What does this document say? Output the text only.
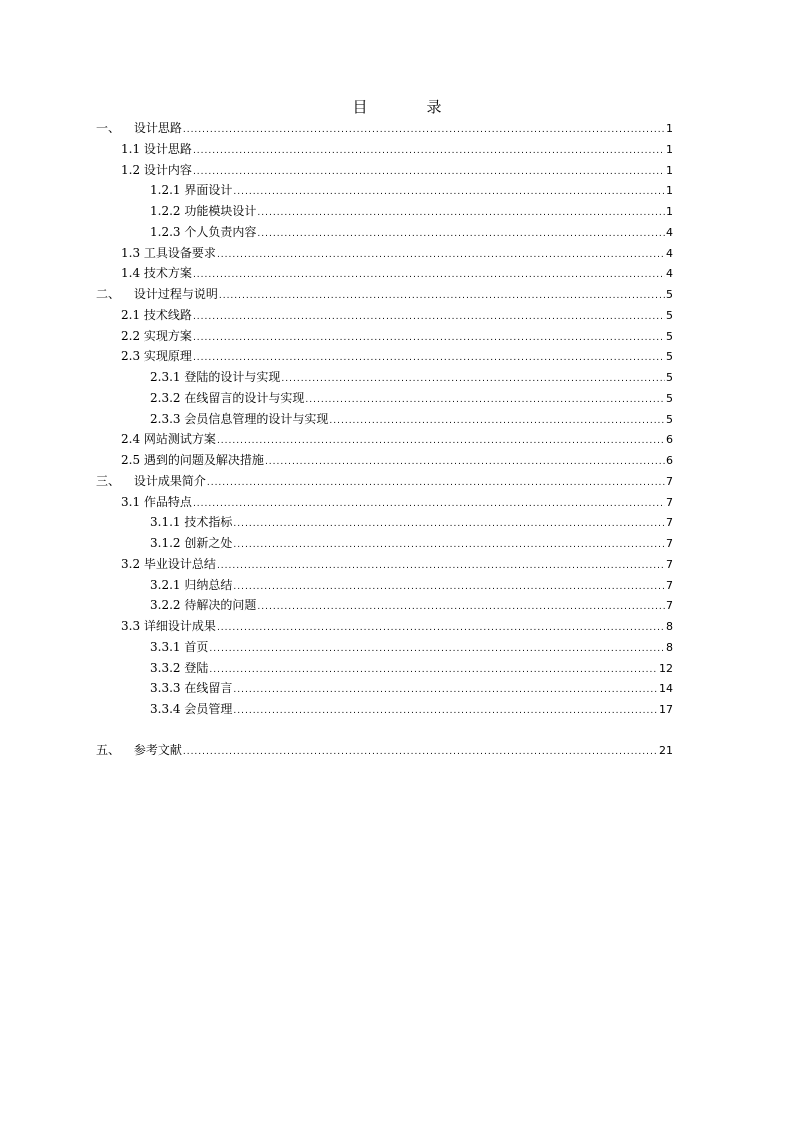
目　录
一、 设计思路 .....	1
1.1 设计思路 .....	1
1.2 设计内容 .....	1
1.2.1 界面设计 .....	1
1.2.2 功能模块设计 .....	1
1.2.3 个人负责内容 .....	4
1.3 工具设备要求 .....	4
1.4 技术方案 .....	4
二、 设计过程与说明 .....	5
2.1 技术线路 .....	5
2.2 实现方案 .....	5
2.3 实现原理 .....	5
2.3.1 登陆的设计与实现 .....	5
2.3.2 在线留言的设计与实现 .....	5
2.3.3 会员信息管理的设计与实现 .....	5
2.4 网站测试方案 .....	6
2.5 遇到的问题及解决措施 .....	6
三、 设计成果简介 .....	7
3.1 作品特点 .....	7
3.1.1 技术指标 .....	7
3.1.2 创新之处 .....	7
3.2 毕业设计总结 .....	7
3.2.1 归纳总结 .....	7
3.2.2 待解决的问题 .....	7
3.3 详细设计成果 .....	8
3.3.1 首页 .....	8
3.3.2 登陆 .....	12
3.3.3 在线留言 .....	14
3.3.4 会员管理 .....	17
五、 参考文献 .....	21
